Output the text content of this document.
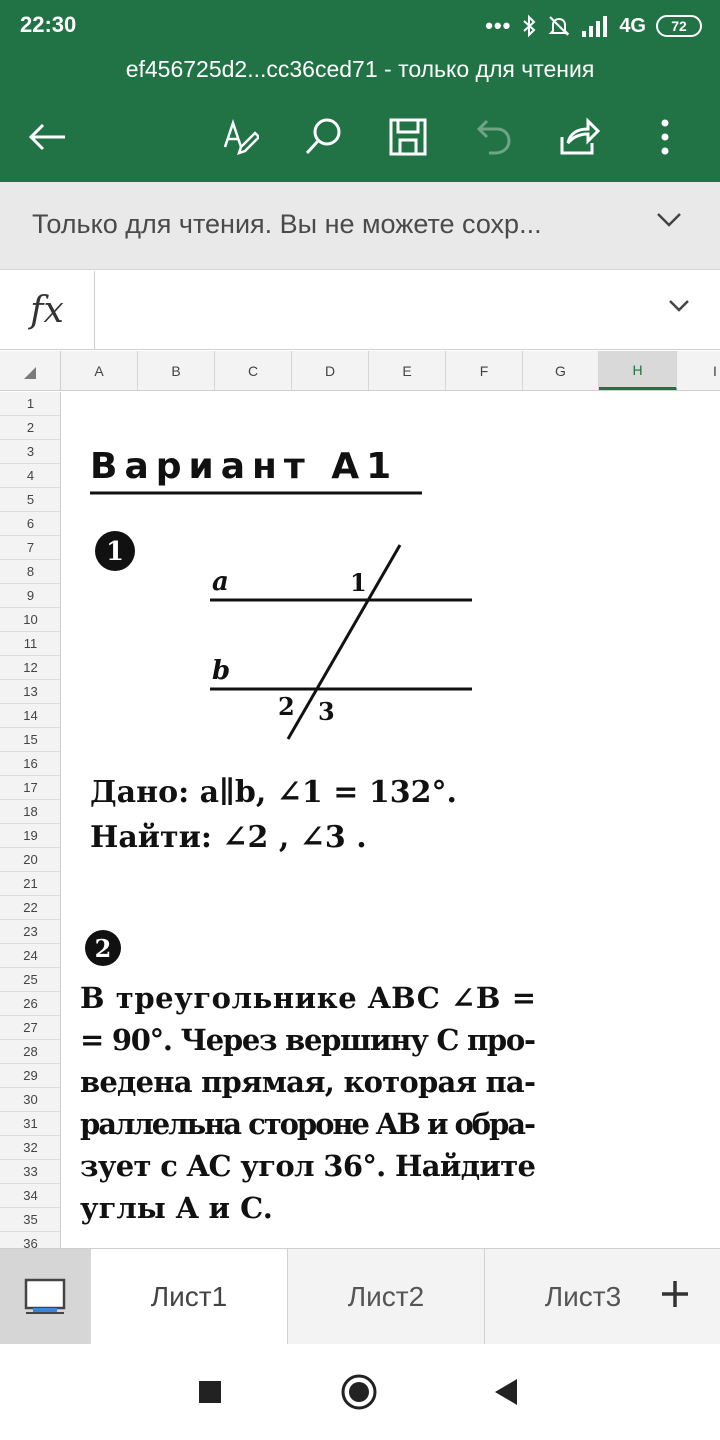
22:30	•••	4G	72
ef456725d2...cc36ced71 - только для чтения
Только для чтения. Вы не можете сохр...
fx
A	B	C	D	E	F	G	H	I
1
2
3
4
5
6
7
8
9
10
11
12
13
14
15
16
17
18
19
20
21
22
23
24
25
26
27
28
29
30
31
32
33
34
35
36
Вариант А1
1
a
b
1
2 3
Дано: a∥b, ∠1 = 132°.
Найти: ∠2 , ∠3 .
2
В треугольнике ABC ∠B =
= 90°. Через вершину C про-
ведена прямая, которая па-
раллельна стороне AB и обра-
зует с AC угол 36°. Найдите
углы A и C.
Лист1	Лист2	Лист3
